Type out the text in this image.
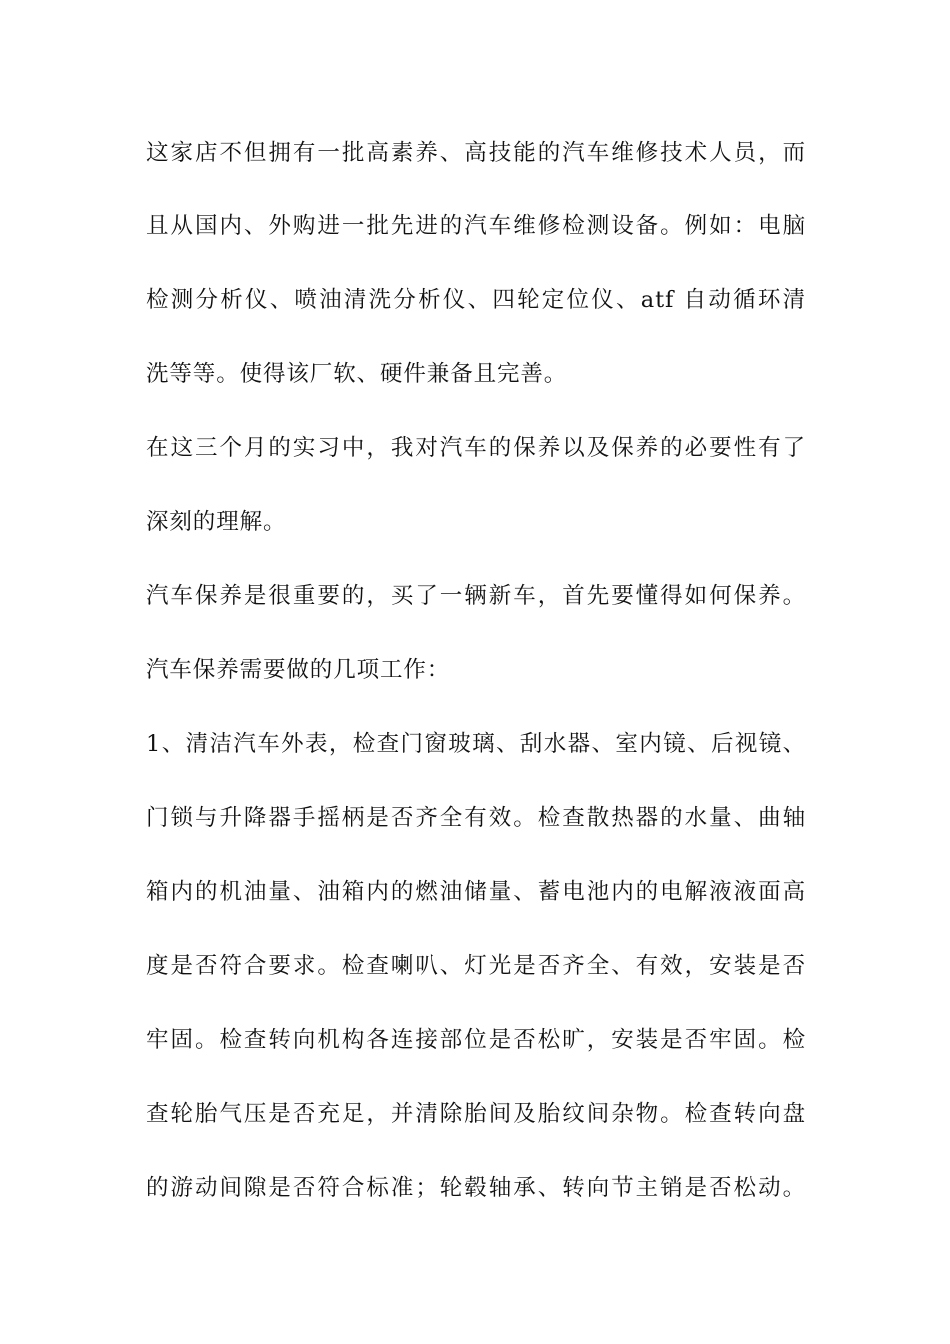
这家店不但拥有一批高素养、高技能的汽车维修技术人员，而
且从国内、外购进一批先进的汽车维修检测设备。例如：电脑
检测分析仪、喷油清洗分析仪、四轮定位仪、atf 自动循环清
洗等等。使得该厂软、硬件兼备且完善。
在这三个月的实习中，我对汽车的保养以及保养的必要性有了
深刻的理解。
汽车保养是很重要的，买了一辆新车，首先要懂得如何保养。
汽车保养需要做的几项工作：
1、清洁汽车外表，检查门窗玻璃、刮水器、室内镜、后视镜、
门锁与升降器手摇柄是否齐全有效。检查散热器的水量、曲轴
箱内的机油量、油箱内的燃油储量、蓄电池内的电解液液面高
度是否符合要求。检查喇叭、灯光是否齐全、有效，安装是否
牢固。检查转向机构各连接部位是否松旷，安装是否牢固。检
查轮胎气压是否充足，并清除胎间及胎纹间杂物。检查转向盘
的游动间隙是否符合标准；轮毂轴承、转向节主销是否松动。
